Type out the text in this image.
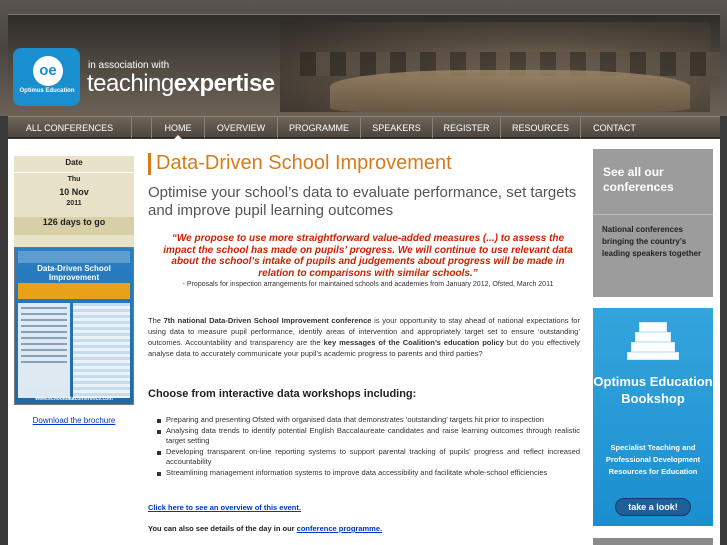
oe
Optimus Education
in association with
teachingexpertise
ALL CONFERENCES	HOME	OVERVIEW	PROGRAMME	SPEAKERS	REGISTER	RESOURCES	CONTACT
Date
Thu
10 Nov
2011
126 days to go
Data-Driven School Improvement
www.schooldataconference.com
Download the brochure
Data-Driven School Improvement
Optimise your school’s data to evaluate performance, set targets and improve pupil learning outcomes
“We propose to use more straightforward value-added measures (...) to assess the impact the school has made on pupils’ progress. We will continue to use relevant data about the school’s intake of pupils and judgements about progress will be made in relation to comparisons with similar schools.”
- Proposals for inspection arrangements for maintained schools and academies from January 2012, Ofsted, March 2011
The 7th national Data-Driven School Improvement conference is your opportunity to stay ahead of national expectations for using data to measure pupil performance, identify areas of intervention and appropriately target set to ensure ‘outstanding’ outcomes. Accountability and transparency are the key messages of the Coalition’s education policy but do you effectively analyse data to accurately communicate your pupil’s academic progress to parents and third parties?
Choose from interactive data workshops including:
Preparing and presenting Ofsted with organised data that demonstrates ‘outstanding’ targets hit prior to inspection
Analysing data trends to identify potential English Baccalaureate candidates and raise learning outcomes through realistic target setting
Developing transparent on-line reporting systems to support parental tracking of pupils’ progress and reflect increased accountability
Streamlining management information systems to improve data accessibility and facilitate whole-school efficiencies
Click here to see an overview of this event.
You can also see details of the day in our conference programme.
See all our conferences
National conferences bringing the country’s leading speakers together
Optimus Education Bookshop
Specialist Teaching and Professional Development Resources for Education
take a look!
